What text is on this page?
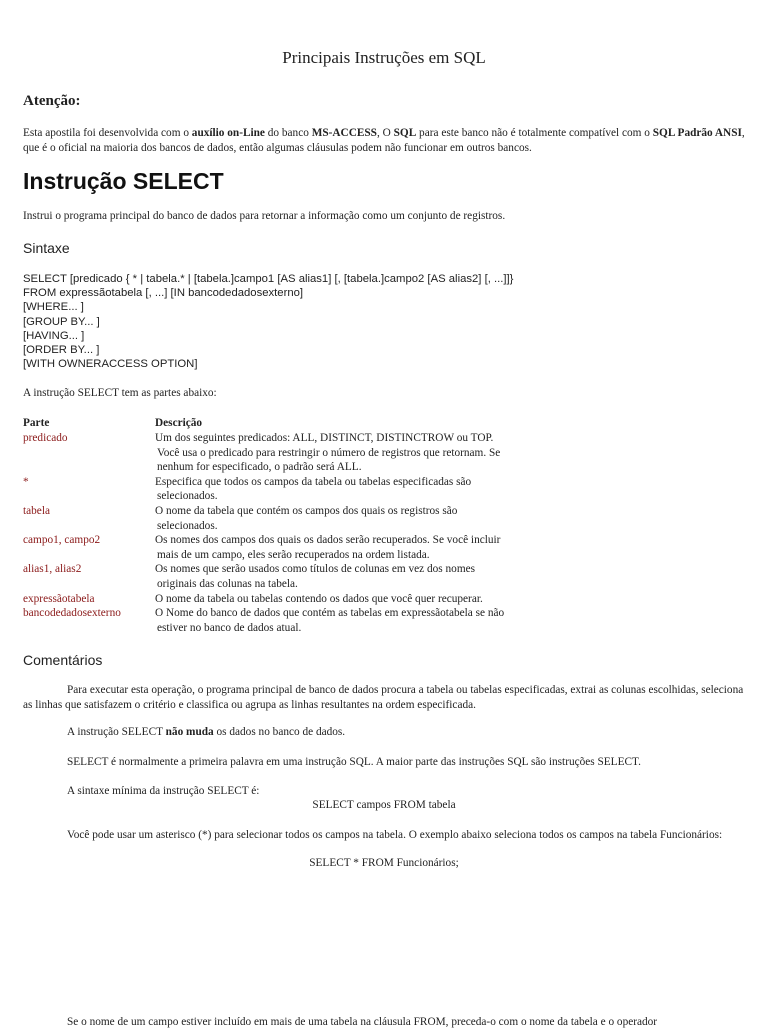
Principais Instruções em SQL
Atenção:
Esta apostila foi desenvolvida com o auxílio on-Line do banco MS-ACCESS, O SQL para este banco não é totalmente compatível com o SQL Padrão ANSI, que é o oficial na maioria dos bancos de dados, então algumas cláusulas podem não funcionar em outros bancos.
Instrução SELECT
Instrui o programa principal do banco de dados para retornar a informação como um conjunto de registros.
Sintaxe
SELECT [predicado { * | tabela.* | [tabela.]campo1 [AS alias1] [, [tabela.]campo2 [AS alias2] [, ...]]}
FROM expressãotabela [, ...] [IN bancodedadosexterno]
[WHERE... ]
[GROUP BY... ]
[HAVING... ]
[ORDER BY... ]
[WITH OWNERACCESS OPTION]
A instrução SELECT tem as partes abaixo:
Parte	Descrição
predicado	Um dos seguintes predicados: ALL, DISTINCT, DISTINCTROW ou TOP.
Você usa o predicado para restringir o número de registros que retornam. Se
nenhum for especificado, o padrão será ALL.
*	Especifica que todos os campos da tabela ou tabelas especificadas são
selecionados.
tabela	O nome da tabela que contém os campos dos quais os registros são
selecionados.
campo1, campo2	Os nomes dos campos dos quais os dados serão recuperados. Se você incluir
mais de um campo, eles serão recuperados na ordem listada.
alias1, alias2	Os nomes que serão usados como títulos de colunas em vez dos nomes
originais das colunas na tabela.
expressãotabela	O nome da tabela ou tabelas contendo os dados que você quer recuperar.
bancodedadosexterno	O Nome do banco de dados que contém as tabelas em expressãotabela se não
estiver no banco de dados atual.
Comentários
Para executar esta operação, o programa principal de banco de dados procura a tabela ou tabelas especificadas, extrai as colunas escolhidas, seleciona as linhas que satisfazem o critério e classifica ou agrupa as linhas resultantes na ordem especificada.
A instrução SELECT não muda os dados no banco de dados.
SELECT é normalmente a primeira palavra em uma instrução SQL. A maior parte das instruções SQL são instruções SELECT.
A sintaxe mínima da instrução SELECT é:
SELECT campos FROM tabela
Você pode usar um asterisco (*) para selecionar todos os campos na tabela. O exemplo abaixo seleciona todos os campos na tabela Funcionários:
SELECT * FROM Funcionários;
Se o nome de um campo estiver incluído em mais de uma tabela na cláusula FROM, preceda-o com o nome da tabela e o operador
